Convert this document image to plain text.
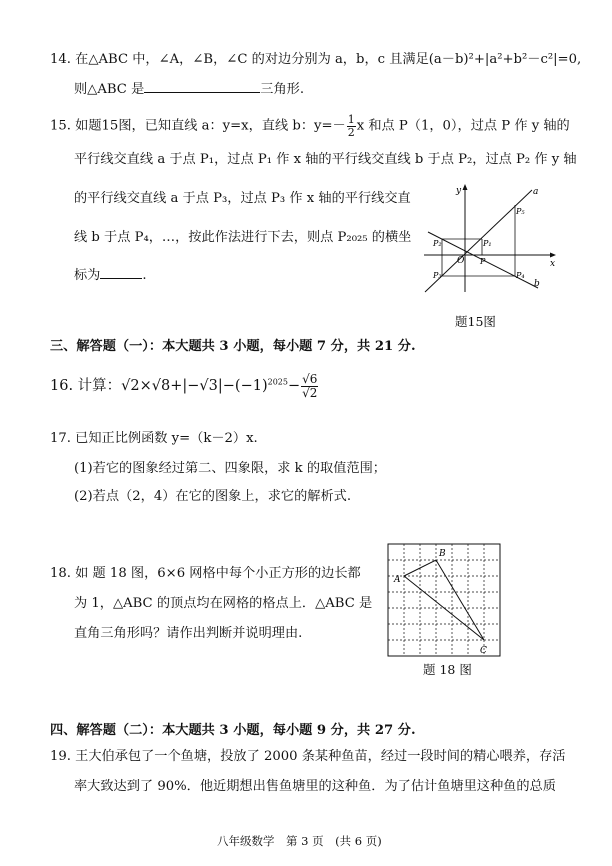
14. 在△ABC 中，∠A，∠B，∠C 的对边分别为 a，b，c 且满足(a－b)²+|a²+b²－c²|=0,
则△ABC 是	三角形.
15. 如题15图，已知直线 a：y=x，直线 b：$y=- \frac{1}{2}$ x 和点 P（1，0），过点 P 作 y 轴的
平行线交直线 a 于点 P₁，过点 P₁ 作 x 轴的平行线交直线 b 于点 P₂，过点 P₂ 作 y 轴
的平行线交直线 a 于点 P₃，过点 P₃ 作 x 轴的平行线交直
线 b 于点 P₄，…，按此作法进行下去，则点 P₂₀₂₅ 的横坐
标为	.
y
x
a
b
O P
P₁
P₂
P₃	P₄
P₅
题15图
三、解答题（一）：本大题共 3 小题，每小题 7 分，共 21 分.
16. 计算：$√2\times√8+|-√3|-(-1)^{2025}- \frac{√6}{√2}$
17. 已知正比例函数 y=（k－2）x.
(1)若它的图象经过第二、四象限，求 k 的取值范围；
(2)若点（2，4）在它的图象上，求它的解析式.
18. 如 题 18 图，6×6 网格中每个小正方形的边长都
为 1，△ABC 的顶点均在网格的格点上．△ABC 是
直角三角形吗？请作出判断并说明理由.
A
B
C
题 18 图
四、解答题（二）：本大题共 3 小题，每小题 9 分，共 27 分.
19. 王大伯承包了一个鱼塘，投放了 2000 条某种鱼苗，经过一段时间的精心喂养，存活
率大致达到了 90%．他近期想出售鱼塘里的这种鱼．为了估计鱼塘里这种鱼的总质
八年级数学　第 3 页　(共 6 页)
